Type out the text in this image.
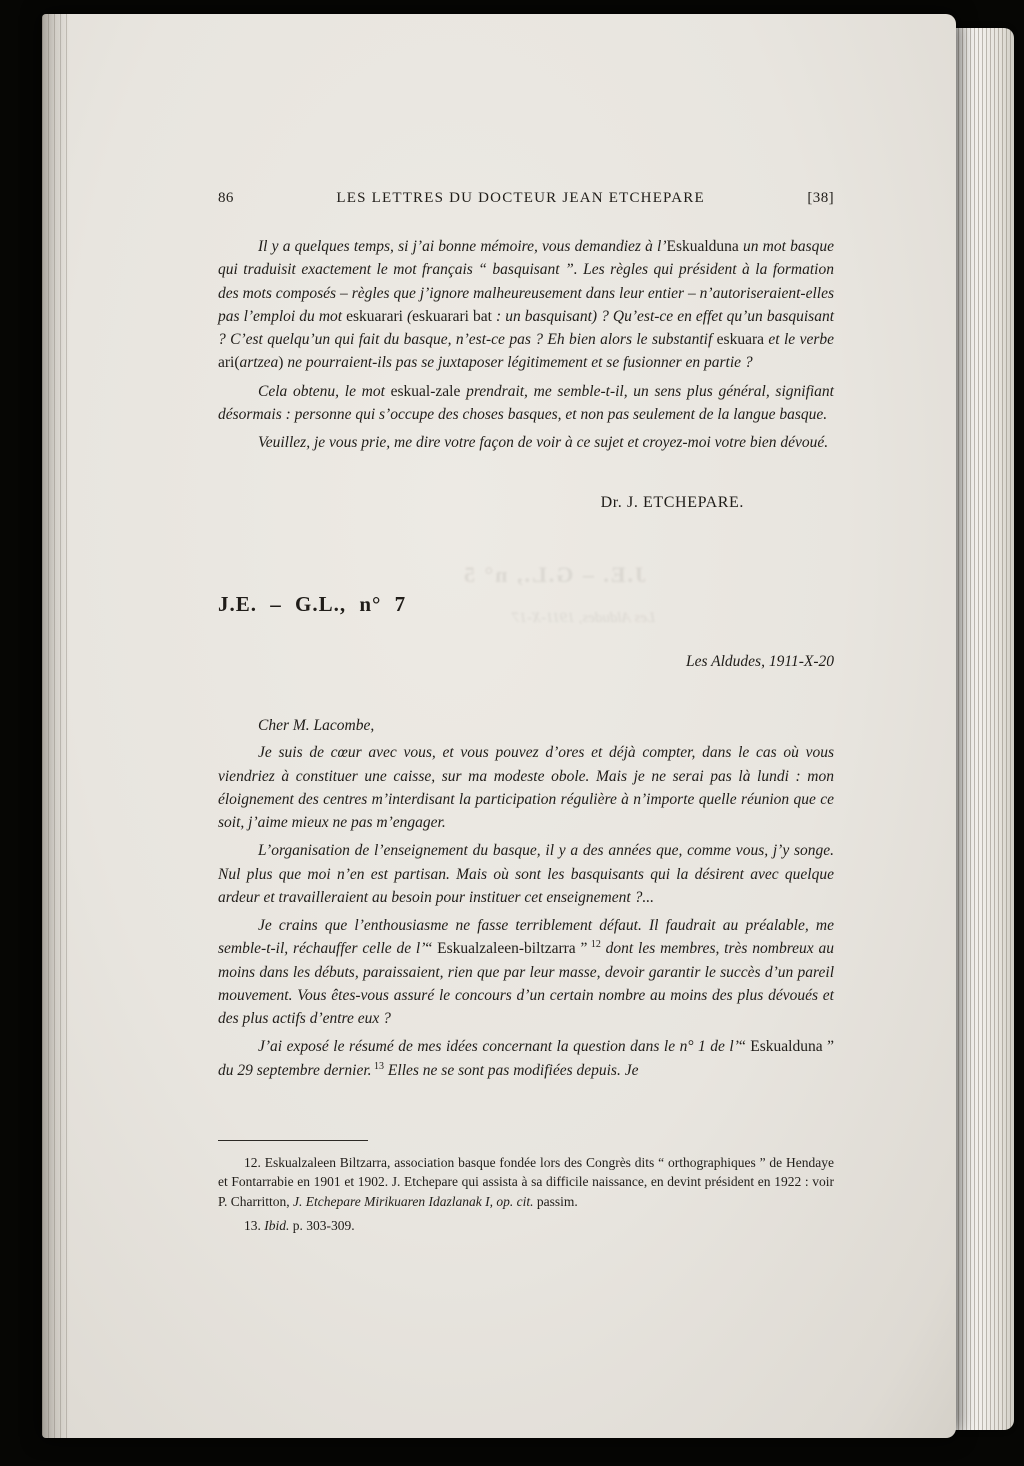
J.E. – G.L., n° 5
Les Aldudes, 1911-X-17
86	LES LETTRES DU DOCTEUR JEAN ETCHEPARE	[38]
Il y a quelques temps, si j’ai bonne mémoire, vous demandiez à l’Eskualduna un mot basque qui traduisit exactement le mot français “ basquisant ”. Les règles qui président à la formation des mots composés – règles que j’ignore malheureusement dans leur entier – n’autoriseraient-elles pas l’emploi du mot eskuarari (eskuarari bat : un basquisant) ? Qu’est-ce en effet qu’un basquisant ? C’est quelqu’un qui fait du basque, n’est-ce pas ? Eh bien alors le substantif eskuara et le verbe ari(artzea) ne pourraient-ils pas se juxtaposer légitimement et se fusionner en partie ?
Cela obtenu, le mot eskual-zale prendrait, me semble-t-il, un sens plus général, signifiant désormais : personne qui s’occupe des choses basques, et non pas seulement de la langue basque.
Veuillez, je vous prie, me dire votre façon de voir à ce sujet et croyez-moi votre bien dévoué.
Dr. J. ETCHEPARE.
J.E. – G.L., n° 7
Les Aldudes, 1911-X-20
Cher M. Lacombe,
Je suis de cœur avec vous, et vous pouvez d’ores et déjà compter, dans le cas où vous viendriez à constituer une caisse, sur ma modeste obole. Mais je ne serai pas là lundi : mon éloignement des centres m’interdisant la participation régulière à n’importe quelle réunion que ce soit, j’aime mieux ne pas m’engager.
L’organisation de l’enseignement du basque, il y a des années que, comme vous, j’y songe. Nul plus que moi n’en est partisan. Mais où sont les basquisants qui la désirent avec quelque ardeur et travailleraient au besoin pour instituer cet enseignement ?...
Je crains que l’enthousiasme ne fasse terriblement défaut. Il faudrait au préalable, me semble-t-il, réchauffer celle de l’“ Eskualzaleen-biltzarra ” $^{12}$ dont les membres, très nombreux au moins dans les débuts, paraissaient, rien que par leur masse, devoir garantir le succès d’un pareil mouvement. Vous êtes-vous assuré le concours d’un certain nombre au moins des plus dévoués et des plus actifs d’entre eux ?
J’ai exposé le résumé de mes idées concernant la question dans le n° 1 de l’“ Eskualduna ” du 29 septembre dernier. $^{13}$ Elles ne se sont pas modifiées depuis. Je
12. Eskualzaleen Biltzarra, association basque fondée lors des Congrès dits “ orthographiques ” de Hendaye et Fontarrabie en 1901 et 1902. J. Etchepare qui assista à sa difficile naissance, en devint président en 1922 : voir P. Charritton, J. Etchepare Mirikuaren Idazlanak I, op. cit. passim.
13. Ibid. p. 303-309.
